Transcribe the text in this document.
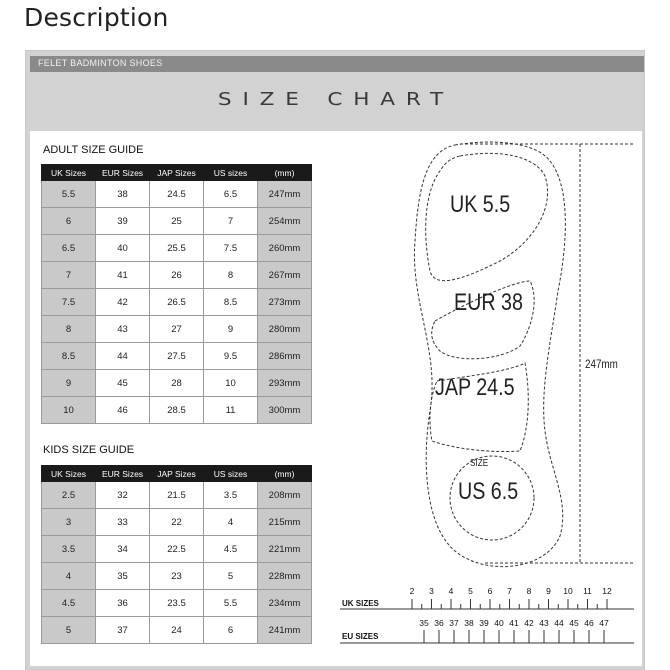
Description
FELET BADMINTON SHOES
SIZE CHART
ADULT SIZE GUIDE
UK Sizes	EUR Sizes	JAP Sizes	US sizes	(mm)
5.5	38	24.5	6.5	247mm
6	39	25	7	254mm
6.5	40	25.5	7.5	260mm
7	41	26	8	267mm
7.5	42	26.5	8.5	273mm
8	43	27	9	280mm
8.5	44	27.5	9.5	286mm
9	45	28	10	293mm
10	46	28.5	11	300mm
KIDS SIZE GUIDE
UK Sizes	EUR Sizes	JAP Sizes	US sizes	(mm)
2.5	32	21.5	3.5	208mm
3	33	22	4	215mm
3.5	34	22.5	4.5	221mm
4	35	23	5	228mm
4.5	36	23.5	5.5	234mm
5	37	24	6	241mm
UK 5.5
EUR 38
JAP 24.5
SIZE
US 6.5
247mm
UK SIZES
EU SIZES
2 3 4 5 6 7 8 9 10 11 12
35 36 37 38 39 40 41 42 43 44 45 46 47
